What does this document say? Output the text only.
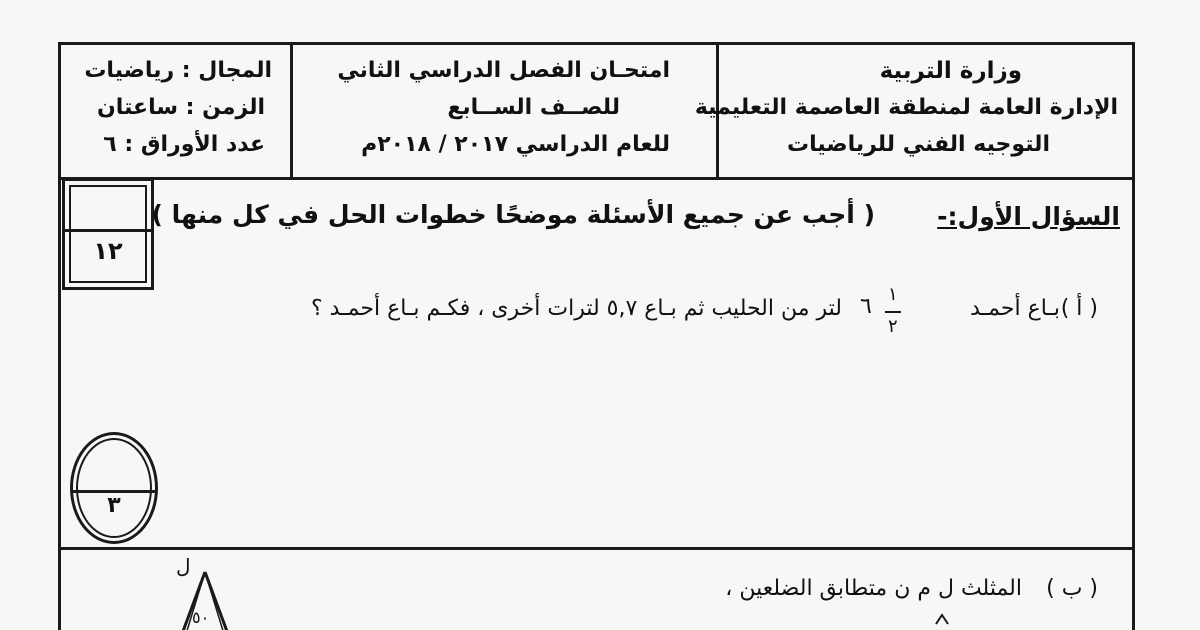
المجال : رياضيات
الزمن : ساعتان
عدد الأوراق : ٦
امتحـان الفصل الدراسي الثاني
للصــف الســابع
للعام الدراسي ٢٠١٧ / ٢٠١٨م
وزارة التربية
الإدارة العامة لمنطقة العاصمة التعليمية
التوجيه الفني للرياضيات
١٢
السؤال الأول:-
( أجب عن جميع الأسئلة موضحًا خطوات الحل في كل منها )
( أ )
بـاع أحمـد
٦ ١
٢
لتر من الحليب ثم بـاع ٥,٧ لترات أخرى ، فكـم بـاع أحمـد ؟
٣
( ب )
المثلث ل م ن متطابق الضلعين ،
ل
٥٠
